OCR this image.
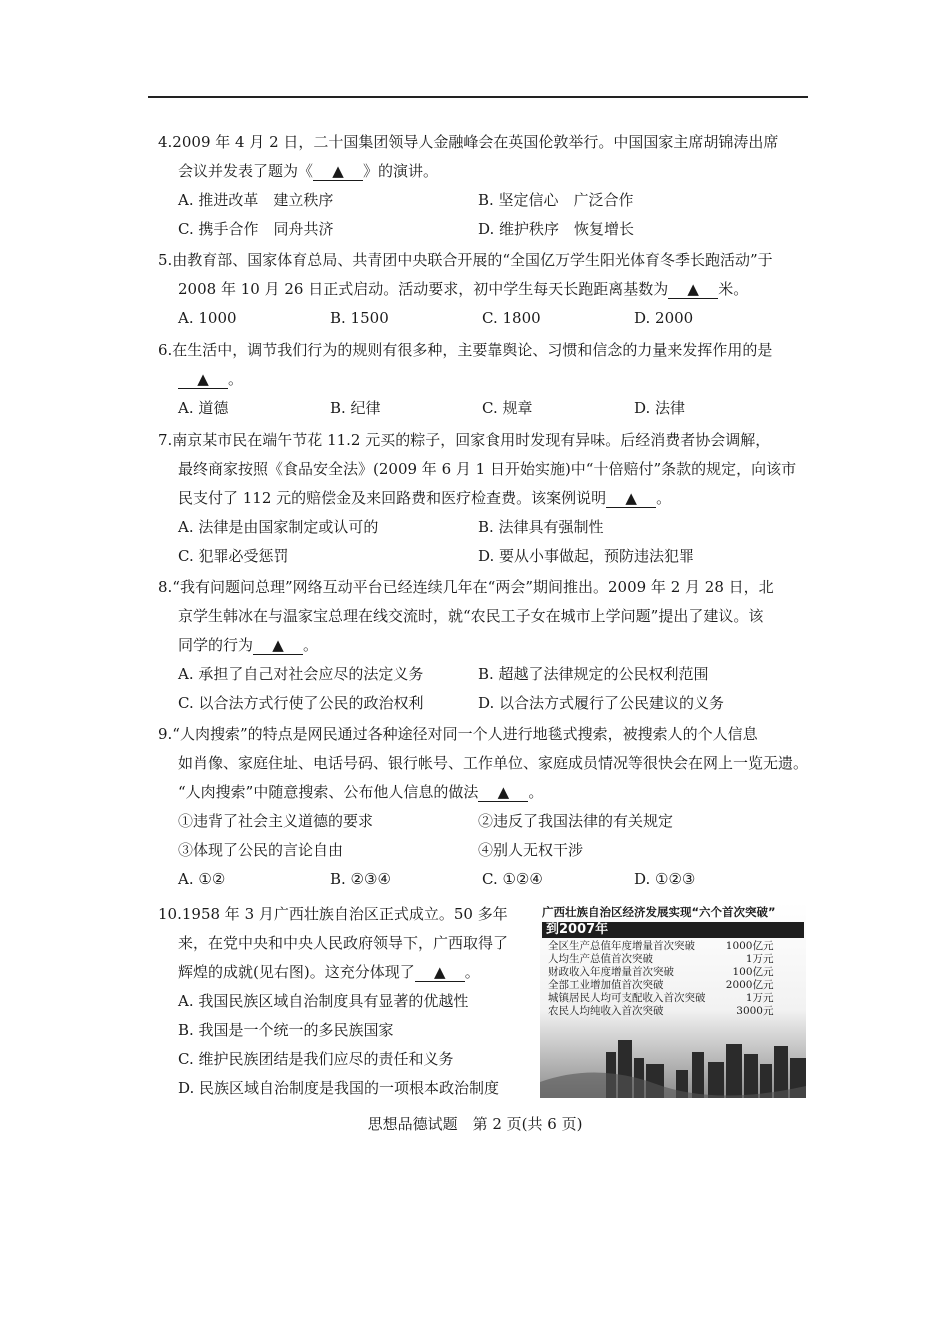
4.2009 年 4 月 2 日，二十国集团领导人金融峰会在英国伦敦举行。中国国家主席胡锦涛出席
会议并发表了题为《 ▲ 》的演讲。
A. 推进改革　建立秩序	B. 坚定信心　广泛合作
C. 携手合作　同舟共济	D. 维护秩序　恢复增长
5.由教育部、国家体育总局、共青团中央联合开展的“全国亿万学生阳光体育冬季长跑活动”于
2008 年 10 月 26 日正式启动。活动要求，初中学生每天长跑距离基数为 ▲ 米。
A. 1000	B. 1500	C. 1800	D. 2000
6.在生活中，调节我们行为的规则有很多种，主要靠舆论、习惯和信念的力量来发挥作用的是
▲ 。
A. 道德	B. 纪律	C. 规章	D. 法律
7.南京某市民在端午节花 11.2 元买的粽子，回家食用时发现有异味。后经消费者协会调解，
最终商家按照《食品安全法》(2009 年 6 月 1 日开始实施)中“十倍赔付”条款的规定，向该市
民支付了 112 元的赔偿金及来回路费和医疗检查费。该案例说明 ▲ 。
A. 法律是由国家制定或认可的	B. 法律具有强制性
C. 犯罪必受惩罚	D. 要从小事做起，预防违法犯罪
8.“我有问题问总理”网络互动平台已经连续几年在“两会”期间推出。2009 年 2 月 28 日，北
京学生韩冰在与温家宝总理在线交流时，就“农民工子女在城市上学问题”提出了建议。该
同学的行为 ▲ 。
A. 承担了自己对社会应尽的法定义务	B. 超越了法律规定的公民权利范围
C. 以合法方式行使了公民的政治权利	D. 以合法方式履行了公民建议的义务
9.“人肉搜索”的特点是网民通过各种途径对同一个人进行地毯式搜索，被搜索人的个人信息
如肖像、家庭住址、电话号码、银行帐号、工作单位、家庭成员情况等很快会在网上一览无遗。
“人肉搜索”中随意搜索、公布他人信息的做法 ▲ 。
①违背了社会主义道德的要求	②违反了我国法律的有关规定
③体现了公民的言论自由	④别人无权干涉
A. ①②	B. ②③④	C. ①②④	D. ①②③
10.1958 年 3 月广西壮族自治区正式成立。50 多年
来，在党中央和中央人民政府领导下，广西取得了
辉煌的成就(见右图)。这充分体现了 ▲ 。
A. 我国民族区域自治制度具有显著的优越性
B. 我国是一个统一的多民族国家
C. 维护民族团结是我们应尽的责任和义务
D. 民族区域自治制度是我国的一项根本政治制度
广西壮族自治区经济发展实现“六个首次突破”
到2007年
全区生产总值年度增量首次突破	1000亿元
人均生产总值首次突破	1万元
财政收入年度增量首次突破	100亿元
全部工业增加值首次突破	2000亿元
城镇居民人均可支配收入首次突破	1万元
农民人均纯收入首次突破	3000元
思想品德试题　第 2 页(共 6 页)
